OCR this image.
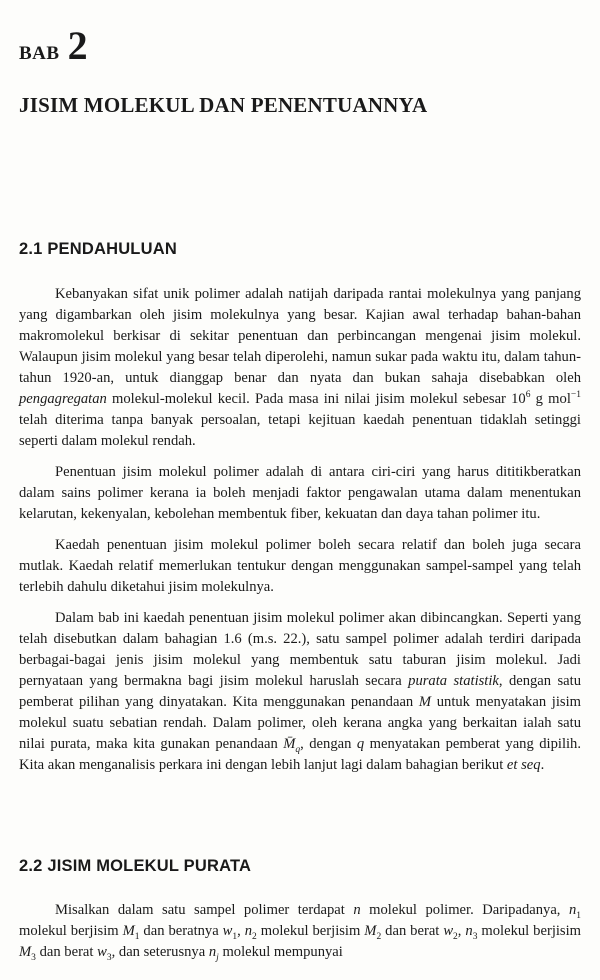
BAB 2
JISIM MOLEKUL DAN PENENTUANNYA
2.1 PENDAHULUAN

Kebanyakan sifat unik polimer adalah natijah daripada rantai molekulnya yang panjang yang digambarkan oleh jisim molekulnya yang besar. Kajian awal terhadap bahan-bahan makromolekul berkisar di sekitar penentuan dan perbincangan mengenai jisim molekul. Walaupun jisim molekul yang besar telah diperolehi, namun sukar pada waktu itu, dalam tahun-tahun 1920-an, untuk dianggap benar dan nyata dan bukan sahaja disebabkan oleh pengagregatan molekul-molekul kecil. Pada masa ini nilai jisim molekul sebesar $10^6$ g mol$^{-1}$ telah diterima tanpa banyak persoalan, tetapi kejituan kaedah penentuan tidaklah setinggi seperti dalam molekul rendah.

Penentuan jisim molekul polimer adalah di antara ciri-ciri yang harus dititikberatkan dalam sains polimer kerana ia boleh menjadi faktor pengawalan utama dalam menentukan kelarutan, kekenyalan, kebolehan membentuk fiber, kekuatan dan daya tahan polimer itu.

Kaedah penentuan jisim molekul polimer boleh secara relatif dan boleh juga secara mutlak. Kaedah relatif memerlukan tentukur dengan menggunakan sampel-sampel yang telah terlebih dahulu diketahui jisim molekulnya.

Dalam bab ini kaedah penentuan jisim molekul polimer akan dibincangkan. Seperti yang telah disebutkan dalam bahagian 1.6 (m.s. 22.), satu sampel polimer adalah terdiri daripada berbagai-bagai jenis jisim molekul yang membentuk satu taburan jisim molekul. Jadi pernyataan yang bermakna bagi jisim molekul haruslah secara purata statistik, dengan satu pemberat pilihan yang dinyatakan. Kita menggunakan penandaan M untuk menyatakan jisim molekul suatu sebatian rendah. Dalam polimer, oleh kerana angka yang berkaitan ialah satu nilai purata, maka kita gunakan penandaan $M̄_q$, dengan q menyatakan pemberat yang dipilih. Kita akan menganalisis perkara ini dengan lebih lanjut lagi dalam bahagian berikut et seq.

2.2 JISIM MOLEKUL PURATA

Misalkan dalam satu sampel polimer terdapat n molekul polimer. Daripadanya, $n_1$ molekul berjisim $M_1$ dan beratnya $w_1$, $n_2$ molekul berjisim $M_2$ dan berat $w_2$, $n_3$ molekul berjisim $M_3$ dan berat $w_3$, dan seterusnya $n_j$ molekul mempunyai
